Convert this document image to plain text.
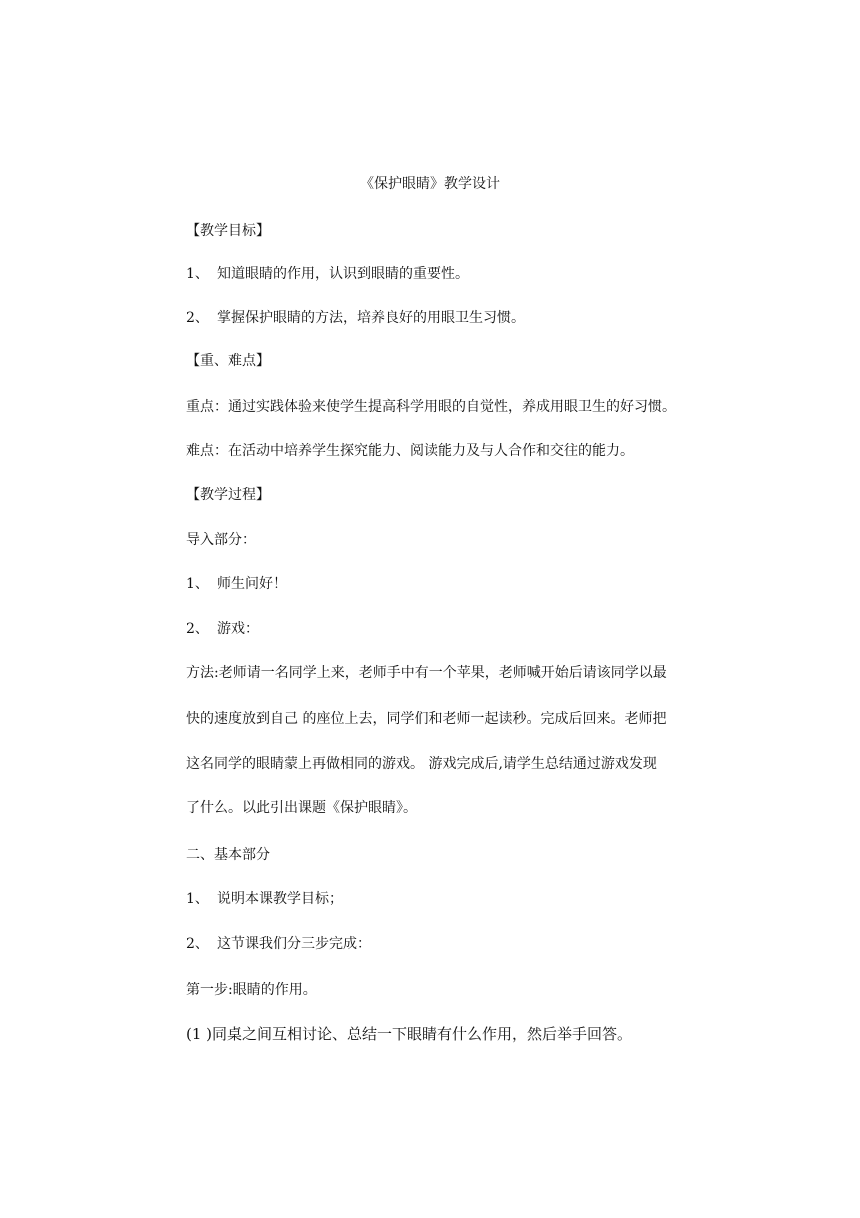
《保护眼睛》教学设计
【教学目标】
1、 知道眼睛的作用，认识到眼睛的重要性。
2、 掌握保护眼睛的方法，培养良好的用眼卫生习惯。
【重、难点】
重点：通过实践体验来使学生提高科学用眼的自觉性，养成用眼卫生的好习惯。
难点：在活动中培养学生探究能力、阅读能力及与人合作和交往的能力。
【教学过程】
导入部分：
1、 师生问好！
2、 游戏：
方法:老师请一名同学上来，老师手中有一个苹果，老师喊开始后请该同学以最
快的速度放到自己 的座位上去，同学们和老师一起读秒。完成后回来。老师把
这名同学的眼睛蒙上再做相同的游戏。 游戏完成后,请学生总结通过游戏发现
了什么。以此引出课题《保护眼睛》。
二、基本部分
1、 说明本课教学目标；
2、 这节课我们分三步完成：
第一步:眼睛的作用。
(1 )同桌之间互相讨论、总结一下眼睛有什么作用，然后举手回答。
